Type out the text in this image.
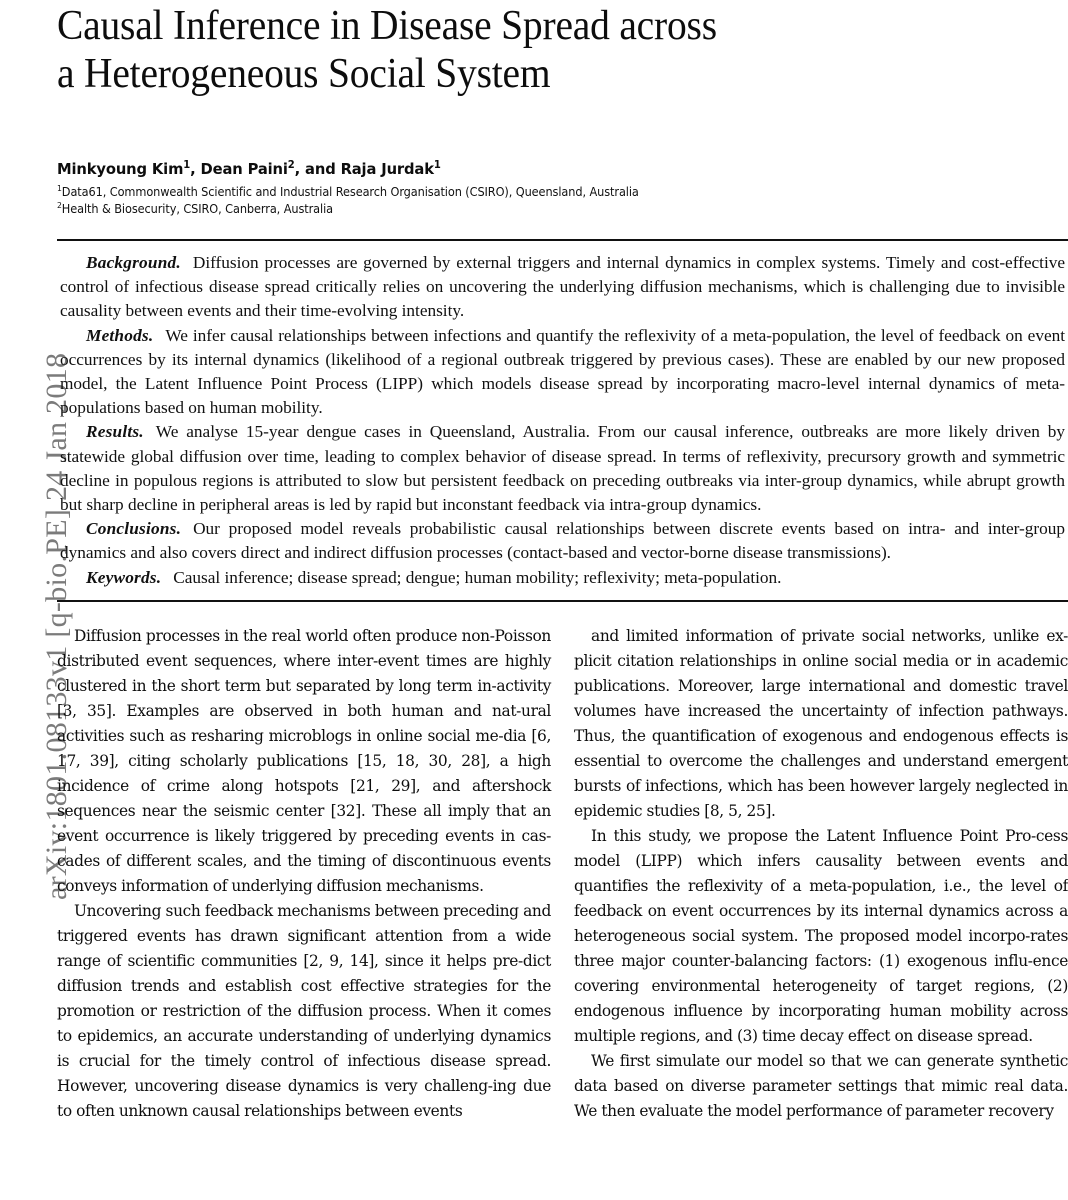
arXiv:1801.08133v1 [q-bio.PE] 24 Jan 2018
Causal Inference in Disease Spread across
a Heterogeneous Social System
Minkyoung Kim$^1$, Dean Paini$^2$, and Raja Jurdak$^1$
$^1$Data61, Commonwealth Scientific and Industrial Research Organisation (CSIRO), Queensland, Australia
$^2$Health & Biosecurity, CSIRO, Canberra, Australia

Background. Diffusion processes are governed by external triggers and internal dynamics in complex systems. Timely and cost-effective control of infectious disease spread critically relies on uncovering the underlying diffusion mechanisms, which is challenging due to invisible causality between events and their time-evolving intensity.

Methods. We infer causal relationships between infections and quantify the reflexivity of a meta-population, the level of feedback on event occurrences by its internal dynamics (likelihood of a regional outbreak triggered by previous cases). These are enabled by our new proposed model, the Latent Influence Point Process (LIPP) which models disease spread by incorporating macro-level internal dynamics of meta-populations based on human mobility.

Results. We analyse 15-year dengue cases in Queensland, Australia. From our causal inference, outbreaks are more likely driven by statewide global diffusion over time, leading to complex behavior of disease spread. In terms of reflexivity, precursory growth and symmetric decline in populous regions is attributed to slow but persistent feedback on preceding outbreaks via inter-group dynamics, while abrupt growth but sharp decline in peripheral areas is led by rapid but inconstant feedback via intra-group dynamics.

Conclusions. Our proposed model reveals probabilistic causal relationships between discrete events based on intra- and inter-group dynamics and also covers direct and indirect diffusion processes (contact-based and vector-borne disease transmissions).

Keywords. Causal inference; disease spread; dengue; human mobility; reflexivity; meta-population.

Diffusion processes in the real world often produce non-Poisson distributed event sequences, where inter-event times are highly clustered in the short term but separated by long term in-activity [3, 35]. Examples are observed in both human and nat-ural activities such as resharing microblogs in online social me-dia [6, 17, 39], citing scholarly publications [15, 18, 30, 28], a high incidence of crime along hotspots [21, 29], and aftershock sequences near the seismic center [32]. These all imply that an event occurrence is likely triggered by preceding events in cas-cades of different scales, and the timing of discontinuous events conveys information of underlying diffusion mechanisms.

Uncovering such feedback mechanisms between preceding and triggered events has drawn significant attention from a wide range of scientific communities [2, 9, 14], since it helps pre-dict diffusion trends and establish cost effective strategies for the promotion or restriction of the diffusion process. When it comes to epidemics, an accurate understanding of underlying dynamics is crucial for the timely control of infectious disease spread. However, uncovering disease dynamics is very challeng-ing due to often unknown causal relationships between events

and limited information of private social networks, unlike ex-plicit citation relationships in online social media or in academic publications. Moreover, large international and domestic travel volumes have increased the uncertainty of infection pathways. Thus, the quantification of exogenous and endogenous effects is essential to overcome the challenges and understand emergent bursts of infections, which has been however largely neglected in epidemic studies [8, 5, 25].

In this study, we propose the Latent Influence Point Pro-cess model (LIPP) which infers causality between events and quantifies the reflexivity of a meta-population, i.e., the level of feedback on event occurrences by its internal dynamics across a heterogeneous social system. The proposed model incorpo-rates three major counter-balancing factors: (1) exogenous influ-ence covering environmental heterogeneity of target regions, (2) endogenous influence by incorporating human mobility across multiple regions, and (3) time decay effect on disease spread.

We first simulate our model so that we can generate synthetic data based on diverse parameter settings that mimic real data. We then evaluate the model performance of parameter recovery
